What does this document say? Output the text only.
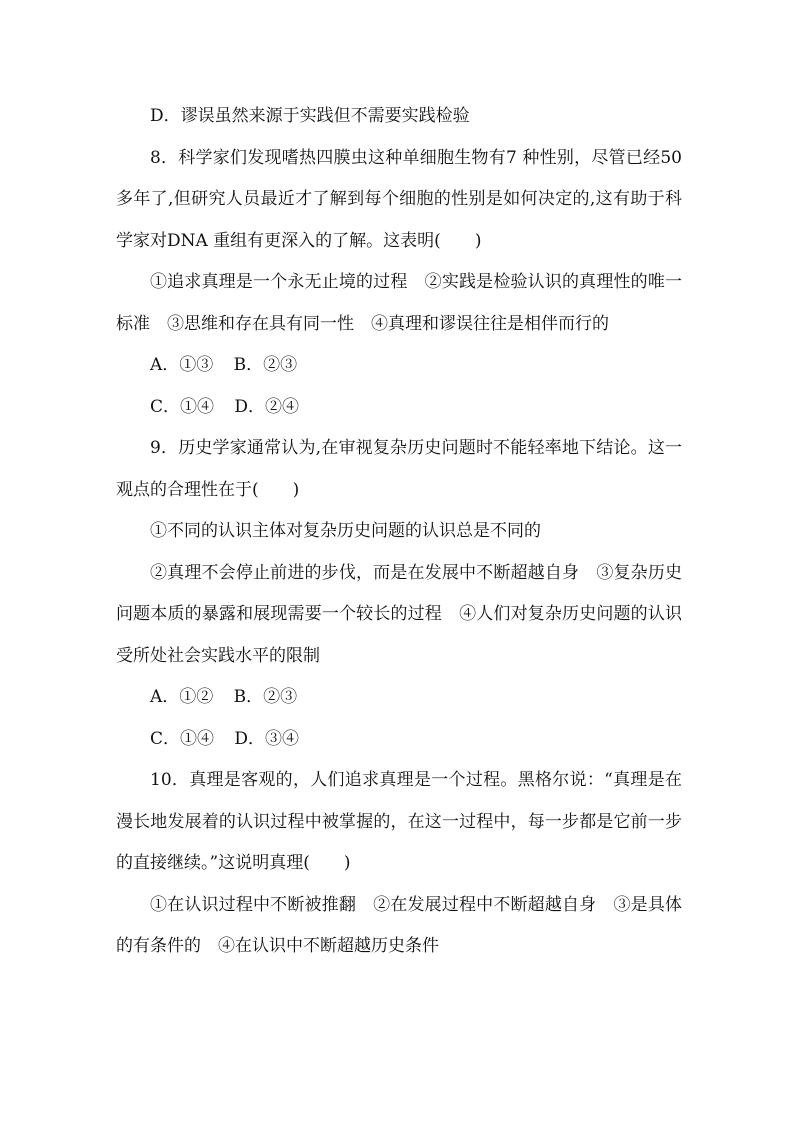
D．谬误虽然来源于实践但不需要实践检验

8．科学家们发现嗜热四膜虫这种单细胞生物有7 种性别，尽管已经50 多年了,但研究人员最近才了解到每个细胞的性别是如何决定的,这有助于科学家对DNA 重组有更深入的了解。这表明(　　)

①追求真理是一个永无止境的过程　②实践是检验认识的真理性的唯一标准　③思维和存在具有同一性　④真理和谬误往往是相伴而行的

A．①③ B．②③

C．①④ D．②④

9．历史学家通常认为,在审视复杂历史问题时不能轻率地下结论。这一观点的合理性在于(　　)

①不同的认识主体对复杂历史问题的认识总是不同的

②真理不会停止前进的步伐，而是在发展中不断超越自身　③复杂历史问题本质的暴露和展现需要一个较长的过程　④人们对复杂历史问题的认识受所处社会实践水平的限制

A．①② B．②③

C．①④ D．③④

10．真理是客观的，人们追求真理是一个过程。黑格尔说：“真理是在漫长地发展着的认识过程中被掌握的，在这一过程中，每一步都是它前一步的直接继续。”这说明真理(　　)

①在认识过程中不断被推翻　②在发展过程中不断超越自身　③是具体的有条件的　④在认识中不断超越历史条件
